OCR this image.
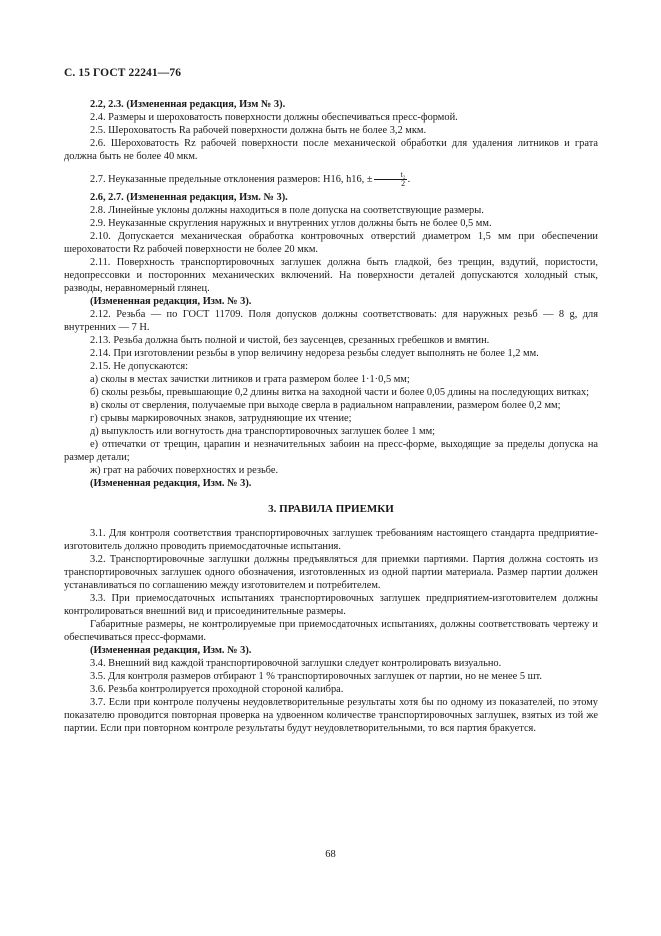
С. 15 ГОСТ 22241—76

2.2, 2.3. (Измененная редакция, Изм № 3).

2.4. Размеры и шероховатость поверхности должны обеспечиваться пресс-формой.

2.5. Шероховатость Ra рабочей поверхности должна быть не более 3,2 мкм.

2.6. Шероховатость Rz рабочей поверхности после механической обработки для удаления литников и грата должна быть не более 40 мкм.

2.7. Неуказанные предельные отклонения размеров: H16, h16, ± $\frac{\text{t₂}}{2}$ .

2.6, 2.7. (Измененная редакция, Изм. № 3).

2.8. Линейные уклоны должны находиться в поле допуска на соответствующие размеры.

2.9. Неуказанные скругления наружных и внутренних углов должны быть не более 0,5 мм.

2.10. Допускается механическая обработка контровочных отверстий диаметром 1,5 мм при обеспечении шероховатости Rz рабочей поверхности не более 20 мкм.

2.11. Поверхность транспортировочных заглушек должна быть гладкой, без трещин, вздутий, пористости, недопрессовки и посторонних механических включений. На поверхности деталей допускаются холодный стык, разводы, неравномерный глянец.

(Измененная редакция, Изм. № 3).

2.12. Резьба — по ГОСТ 11709. Поля допусков должны соответствовать: для наружных резьб — 8 g, для внутренних — 7 H.

2.13. Резьба должна быть полной и чистой, без заусенцев, срезанных гребешков и вмятин.

2.14. При изготовлении резьбы в упор величину недореза резьбы следует выполнять не более 1,2 мм.

2.15. Не допускаются:

а) сколы в местах зачистки литников и грата размером более 1·1·0,5 мм;

б) сколы резьбы, превышающие 0,2 длины витка на заходной части и более 0,05 длины на последующих витках;

в) сколы от сверления, получаемые при выходе сверла в радиальном направлении, размером более 0,2 мм;

г) срывы маркировочных знаков, затрудняющие их чтение;

д) выпуклость или вогнутость дна транспортировочных заглушек более 1 мм;

е) отпечатки от трещин, царапин и незначительных забоин на пресс-форме, выходящие за пределы допуска на размер детали;

ж) грат на рабочих поверхностях и резьбе.

(Измененная редакция, Изм. № 3).

3. ПРАВИЛА ПРИЕМКИ

3.1. Для контроля соответствия транспортировочных заглушек требованиям настоящего стандарта предприятие-изготовитель должно проводить приемосдаточные испытания.

3.2. Транспортировочные заглушки должны предъявляться для приемки партиями. Партия должна состоять из транспортировочных заглушек одного обозначения, изготовленных из одной партии материала. Размер партии должен устанавливаться по соглашению между изготовителем и потребителем.

3.3. При приемосдаточных испытаниях транспортировочных заглушек предприятием-изготовителем должны контролироваться внешний вид и присоединительные размеры.

Габаритные размеры, не контролируемые при приемосдаточных испытаниях, должны соответствовать чертежу и обеспечиваться пресс-формами.

(Измененная редакция, Изм. № 3).

3.4. Внешний вид каждой транспортировочной заглушки следует контролировать визуально.

3.5. Для контроля размеров отбирают 1 % транспортировочных заглушек от партии, но не менее 5 шт.

3.6. Резьба контролируется проходной стороной калибра.

3.7. Если при контроле получены неудовлетворительные результаты хотя бы по одному из показателей, по этому показателю проводится повторная проверка на удвоенном количестве транспортировочных заглушек, взятых из той же партии. Если при повторном контроле результаты будут неудовлетворительными, то вся партия бракуется.

68
